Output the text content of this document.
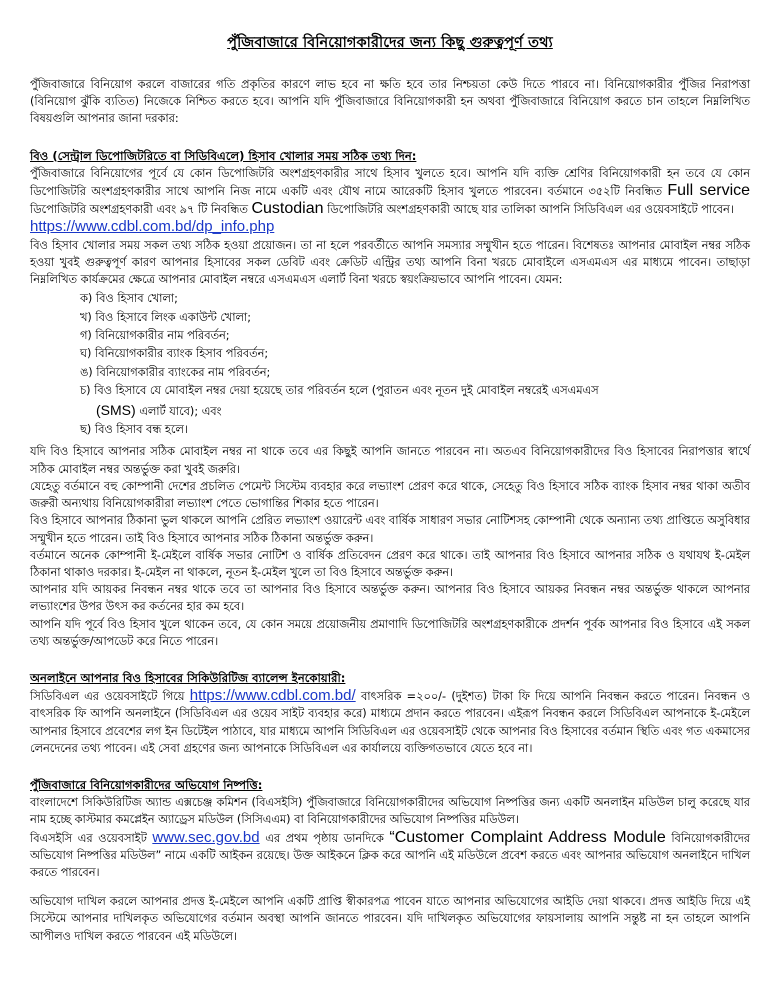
পুঁজিবাজারে বিনিয়োগকারীদের জন্য কিছু গুরুত্বপূর্ণ তথ্য

পুঁজিবাজারে বিনিয়োগ করলে বাজারের গতি প্রকৃতির কারণে লাভ হবে না ক্ষতি হবে তার নিশ্চয়তা কেউ দিতে পারবে না। বিনিয়োগকারীর পুঁজির নিরাপত্তা (বিনিয়োগ ঝুঁকি ব্যতিত) নিজেকে নিশ্চিত করতে হবে। আপনি যদি পুঁজিবাজারে বিনিয়োগকারী হন অথবা পুঁজিবাজারে বিনিয়োগ করতে চান তাহলে নিম্নলিখিত বিষয়গুলি আপনার জানা দরকার:

বিও (সেন্ট্রাল ডিপোজিটরিতে বা সিডিবিএলে) হিসাব খোলার সময় সঠিক তথ্য দিন:

পুঁজিবাজারে বিনিয়োগের পূর্বে যে কোন ডিপোজিটরি অংশগ্রহণকারীর সাথে হিসাব খুলতে হবে। আপনি যদি ব্যক্তি শ্রেণির বিনিয়োগকারী হন তবে যে কোন ডিপোজিটরি অংশগ্রহণকারীর সাথে আপনি নিজ নামে একটি এবং যৌথ নামে আরেকটি হিসাব খুলতে পারবেন। বর্তমানে ৩৫২টি নিবন্ধিত Full service ডিপোজিটরি অংশগ্রহণকারী এবং ৯৭ টি নিবন্ধিত Custodian ডিপোজিটরি অংশগ্রহণকারী আছে যার তালিকা আপনি সিডিবিএল এর ওয়েবসাইটে পাবেন।

https://www.cdbl.com.bd/dp_info.php

বিও হিসাব খোলার সময় সকল তথ্য সঠিক হওয়া প্রয়োজন। তা না হলে পরবর্তীতে আপনি সমস্যার সম্মুখীন হতে পারেন। বিশেষতঃ আপনার মোবাইল নম্বর সঠিক হওয়া খুবই গুরুত্বপূর্ণ কারণ আপনার হিসাবের সকল ডেবিট এবং ক্রেডিট এন্ট্রির তথ্য আপনি বিনা খরচে মোবাইলে এসএমএস এর মাধ্যমে পাবেন। তাছাড়া নিম্নলিখিত কার্যক্রমের ক্ষেত্রে আপনার মোবাইল নম্বরে এসএমএস এলার্ট বিনা খরচে স্বয়ংক্রিয়ভাবে আপনি পাবেন। যেমন:

ক) বিও হিসাব খোলা;
খ) বিও হিসাবে লিংক একাউন্ট খোলা;
গ) বিনিয়োগকারীর নাম পরিবর্তন;
ঘ) বিনিয়োগকারীর ব্যাংক হিসাব পরিবর্তন;
ঙ) বিনিয়োগকারীর ব্যাংকের নাম পরিবর্তন;
চ) বিও হিসাবে যে মোবাইল নম্বর দেয়া হয়েছে তার পরিবর্তন হলে (পুরাতন এবং নূতন দুই মোবাইল নম্বরেই এসএমএস
(SMS) এলার্ট যাবে); এবং
ছ) বিও হিসাব বন্ধ হলে।

যদি বিও হিসাবে আপনার সঠিক মোবাইল নম্বর না থাকে তবে এর কিছুই আপনি জানতে পারবেন না। অতএব বিনিয়োগকারীদের বিও হিসাবের নিরাপত্তার স্বার্থে সঠিক মোবাইল নম্বর অন্তর্ভুক্ত করা খুবই জরুরি।

যেহেতু বর্তমানে বহু কোম্পানী দেশের প্রচলিত পেমেন্ট সিস্টেম ব্যবহার করে লভ্যাংশ প্রেরণ করে থাকে, সেহেতু বিও হিসাবে সঠিক ব্যাংক হিসাব নম্বর থাকা অতীব জরুরী অন্যথায় বিনিয়োগকারীরা লভ্যাংশ পেতে ভোগান্তির শিকার হতে পারেন।

বিও হিসাবে আপনার ঠিকানা ভুল থাকলে আপনি প্রেরিত লভ্যাংশ ওয়ারেন্ট এবং বার্ষিক সাধারণ সভার নোটিশসহ কোম্পানী থেকে অন্যান্য তথ্য প্রাপ্তিতে অসুবিধার সম্মুখীন হতে পারেন। তাই বিও হিসাবে আপনার সঠিক ঠিকানা অন্তর্ভুক্ত করুন।

বর্তমানে অনেক কোম্পানী ই-মেইলে বার্ষিক সভার নোটিশ ও বার্ষিক প্রতিবেদন প্রেরণ করে থাকে। তাই আপনার বিও হিসাবে আপনার সঠিক ও যথাযথ ই-মেইল ঠিকানা থাকাও দরকার। ই-মেইল না থাকলে, নূতন ই-মেইল খুলে তা বিও হিসাবে অন্তর্ভুক্ত করুন।

আপনার যদি আয়কর নিবন্ধন নম্বর থাকে তবে তা আপনার বিও হিসাবে অন্তর্ভুক্ত করুন। আপনার বিও হিসাবে আয়কর নিবন্ধন নম্বর অন্তর্ভুক্ত থাকলে আপনার লভ্যাংশের উপর উৎস কর কর্তনের হার কম হবে।

আপনি যদি পূর্বে বিও হিসাব খুলে থাকেন তবে, যে কোন সময়ে প্রয়োজনীয় প্রমাণাদি ডিপোজিটরি অংশগ্রহণকারীকে প্রদর্শন পূর্বক আপনার বিও হিসাবে এই সকল তথ্য অন্তর্ভুক্ত/আপডেট করে নিতে পারেন।

অনলাইনে আপনার বিও হিসাবের সিকিউরিটিজ ব্যালেন্স ইনকোয়ারী:

সিডিবিএল এর ওয়েবসাইটে গিয়ে https://www.cdbl.com.bd/ বাৎসরিক =২০০/- (দুইশত) টাকা ফি দিয়ে আপনি নিবন্ধন করতে পারেন। নিবন্ধন ও বাৎসরিক ফি আপনি অনলাইনে (সিডিবিএল এর ওয়েব সাইট ব্যবহার করে) মাধ্যমে প্রদান করতে পারবেন। এইরূপ নিবন্ধন করলে সিডিবিএল আপনাকে ই-মেইলে আপনার হিসাবে প্রবেশের লগ ইন ডিটেইল পাঠাবে, যার মাধ্যমে আপনি সিডিবিএল এর ওয়েবসাইট থেকে আপনার বিও হিসাবের বর্তমান স্থিতি এবং গত একমাসের লেনদেনের তথ্য পাবেন। এই সেবা গ্রহণের জন্য আপনাকে সিডিবিএল এর কার্যালয়ে ব্যক্তিগতভাবে যেতে হবে না।

পুঁজিবাজারে বিনিয়োগকারীদের অভিযোগ নিষ্পত্তি:

বাংলাদেশে সিকিউরিটিজ অ্যান্ড এক্সচেঞ্জ কমিশন (বিএসইসি) পুঁজিবাজারে বিনিয়োগকারীদের অভিযোগ নিষ্পত্তির জন্য একটি অনলাইন মডিউল চালু করেছে যার নাম হচ্ছে কাস্টমার কমপ্লেইন অ্যাড্রেস মডিউল (সিসিএএম) বা বিনিয়োগকারীদের অভিযোগ নিষ্পত্তির মডিউল।

বিএসইসি এর ওয়েবসাইট www.sec.gov.bd এর প্রথম পৃষ্ঠায় ডানদিকে “Customer Complaint Address Module বিনিয়োগকারীদের অভিযোগ নিষ্পত্তির মডিউল” নামে একটি আইকন রয়েছে। উক্ত আইকনে ক্লিক করে আপনি এই মডিউলে প্রবেশ করতে এবং আপনার অভিযোগ অনলাইনে দাখিল করতে পারবেন।

অভিযোগ দাখিল করলে আপনার প্রদত্ত ই-মেইলে আপনি একটি প্রাপ্তি স্বীকারপত্র পাবেন যাতে আপনার অভিযোগের আইডি দেয়া থাকবে। প্রদত্ত আইডি দিয়ে এই সিস্টেমে আপনার দাখিলকৃত অভিযোগের বর্তমান অবস্থা আপনি জানতে পারবেন। যদি দাখিলকৃত অভিযোগের ফায়সালায় আপনি সন্তুষ্ট না হন তাহলে আপনি আপীলও দাখিল করতে পারবেন এই মডিউলে।
